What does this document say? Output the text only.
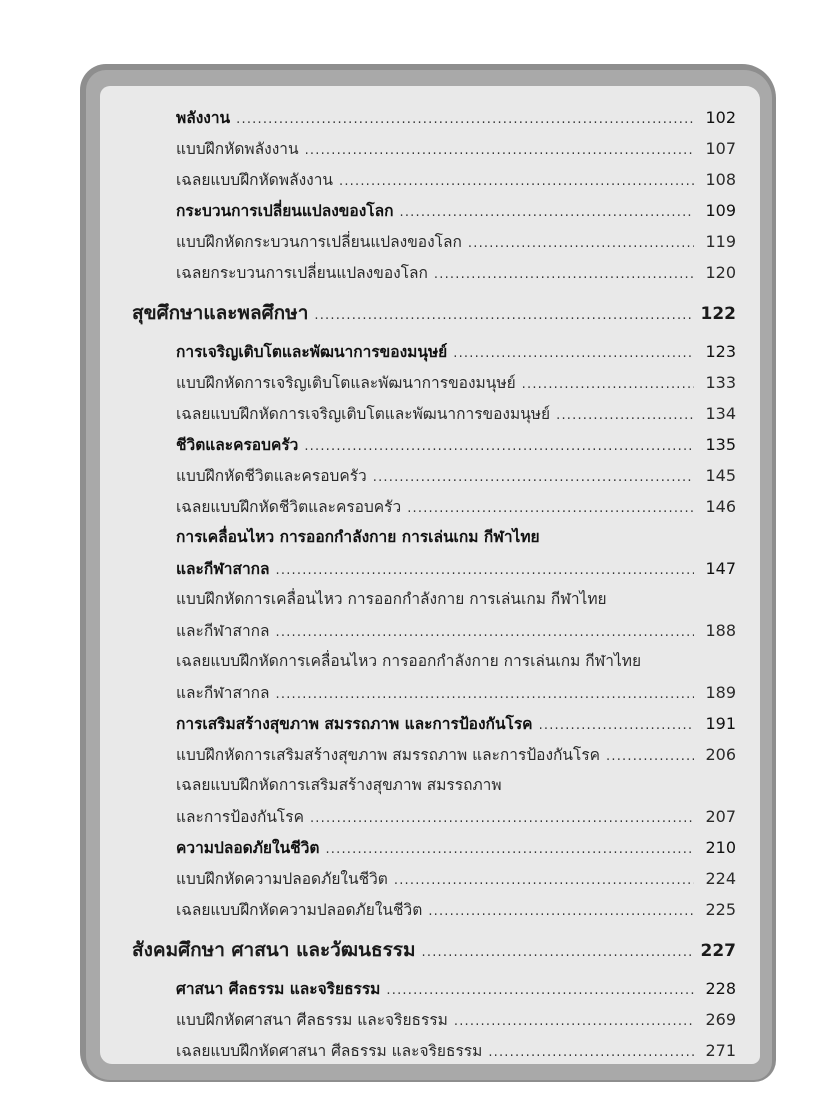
พลังงาน .....	102
แบบฝึกหัดพลังงาน .....	107
เฉลยแบบฝึกหัดพลังงาน .....	108
กระบวนการเปลี่ยนแปลงของโลก .....	109
แบบฝึกหัดกระบวนการเปลี่ยนแปลงของโลก .....	119
เฉลยกระบวนการเปลี่ยนแปลงของโลก .....	120
สุขศึกษาและพลศึกษา .....	122
การเจริญเติบโตและพัฒนาการของมนุษย์ .....	123
แบบฝึกหัดการเจริญเติบโตและพัฒนาการของมนุษย์ .....	133
เฉลยแบบฝึกหัดการเจริญเติบโตและพัฒนาการของมนุษย์ .....	134
ชีวิตและครอบครัว .....	135
แบบฝึกหัดชีวิตและครอบครัว .....	145
เฉลยแบบฝึกหัดชีวิตและครอบครัว .....	146
การเคลื่อนไหว การออกกำลังกาย การเล่นเกม กีฬาไทย
และกีฬาสากล .....	147
แบบฝึกหัดการเคลื่อนไหว การออกกำลังกาย การเล่นเกม กีฬาไทย
และกีฬาสากล .....	188
เฉลยแบบฝึกหัดการเคลื่อนไหว การออกกำลังกาย การเล่นเกม กีฬาไทย
และกีฬาสากล .....	189
การเสริมสร้างสุขภาพ สมรรถภาพ และการป้องกันโรค .....	191
แบบฝึกหัดการเสริมสร้างสุขภาพ สมรรถภาพ และการป้องกันโรค .....	206
เฉลยแบบฝึกหัดการเสริมสร้างสุขภาพ สมรรถภาพ
และการป้องกันโรค .....	207
ความปลอดภัยในชีวิต .....	210
แบบฝึกหัดความปลอดภัยในชีวิต .....	224
เฉลยแบบฝึกหัดความปลอดภัยในชีวิต .....	225
สังคมศึกษา ศาสนา และวัฒนธรรม .....	227
ศาสนา ศีลธรรม และจริยธรรม .....	228
แบบฝึกหัดศาสนา ศีลธรรม และจริยธรรม .....	269
เฉลยแบบฝึกหัดศาสนา ศีลธรรม และจริยธรรม .....	271
